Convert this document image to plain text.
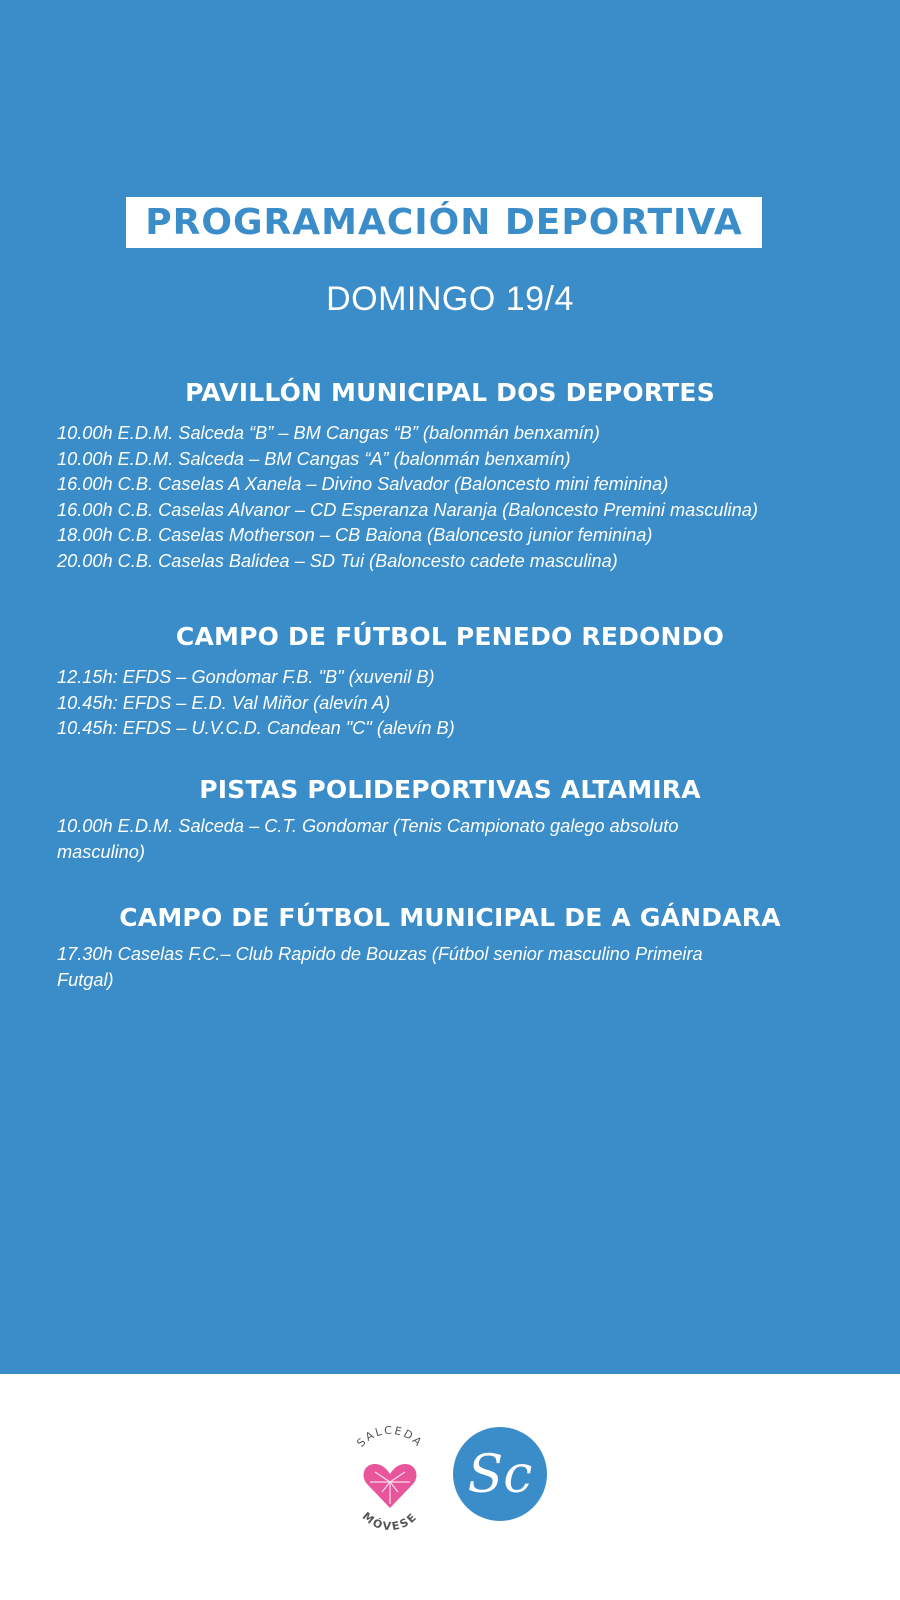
PROGRAMACIÓN DEPORTIVA
DOMINGO 19/4
PAVILLÓN MUNICIPAL DOS DEPORTES
10.00h E.D.M. Salceda “B” – BM Cangas “B” (balonmán benxamín)
10.00h E.D.M. Salceda – BM Cangas “A” (balonmán benxamín)
16.00h C.B. Caselas A Xanela – Divino Salvador (Baloncesto mini feminina)
16.00h C.B. Caselas Alvanor – CD Esperanza Naranja (Baloncesto Premini masculina)
18.00h C.B. Caselas Motherson – CB Baiona (Baloncesto junior feminina)
20.00h C.B. Caselas Balidea – SD Tui (Baloncesto cadete masculina)
CAMPO DE FÚTBOL PENEDO REDONDO
12.15h: EFDS – Gondomar F.B. "B" (xuvenil B)
10.45h: EFDS – E.D. Val Miñor (alevín A)
10.45h: EFDS – U.V.C.D. Candean "C" (alevín B)
PISTAS POLIDEPORTIVAS ALTAMIRA
10.00h E.D.M. Salceda – C.T. Gondomar (Tenis Campionato galego absoluto masculino)
CAMPO DE FÚTBOL MUNICIPAL DE A GÁNDARA
17.30h Caselas F.C.– Club Rapido de Bouzas (Fútbol senior masculino Primeira Futgal)
SALCEDA
MÓVESE
Sc
